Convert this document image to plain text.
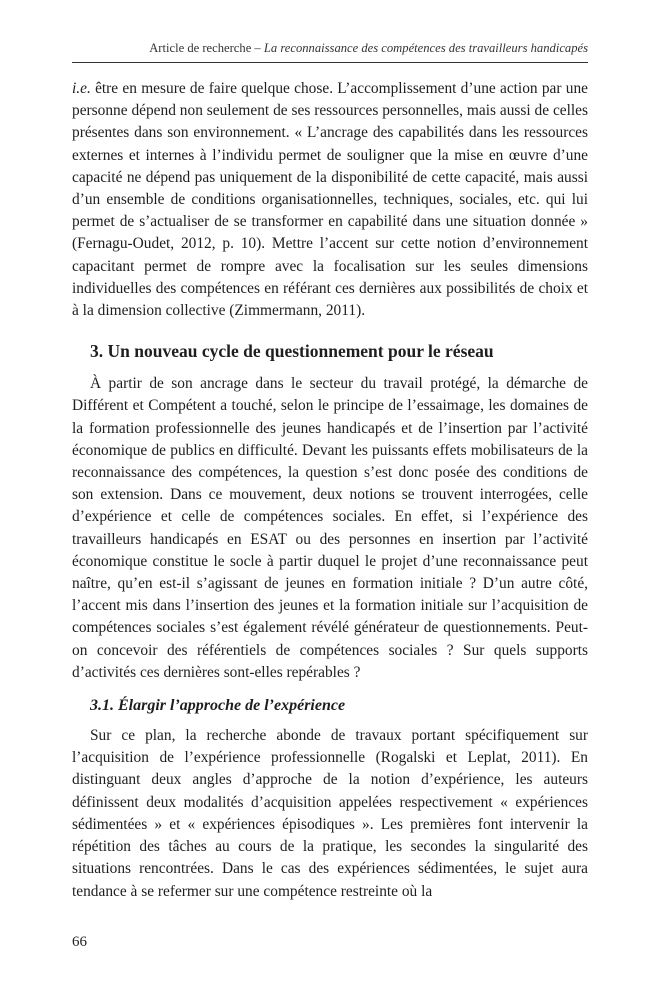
Article de recherche – La reconnaissance des compétences des travailleurs handicapés

i.e. être en mesure de faire quelque chose. L’accomplissement d’une action par une personne dépend non seulement de ses ressources personnelles, mais aussi de celles présentes dans son environnement. « L’ancrage des capabilités dans les ressources externes et internes à l’individu permet de souligner que la mise en œuvre d’une capacité ne dépend pas uniquement de la disponibilité de cette capacité, mais aussi d’un ensemble de conditions organisationnelles, techniques, sociales, etc. qui lui permet de s’actualiser de se transformer en capabilité dans une situation donnée » (Fernagu-Oudet, 2012, p. 10). Mettre l’accent sur cette notion d’environnement capacitant permet de rompre avec la focalisation sur les seules dimensions individuelles des compétences en référant ces dernières aux possibilités de choix et à la dimension collective (Zimmermann, 2011).

3. Un nouveau cycle de questionnement pour le réseau

À partir de son ancrage dans le secteur du travail protégé, la démarche de Différent et Compétent a touché, selon le principe de l’essaimage, les domaines de la formation professionnelle des jeunes handicapés et de l’insertion par l’activité économique de publics en difficulté. Devant les puissants effets mobilisateurs de la reconnaissance des compétences, la question s’est donc posée des conditions de son extension. Dans ce mouvement, deux notions se trouvent interrogées, celle d’expérience et celle de compétences sociales. En effet, si l’expérience des travailleurs handicapés en ESAT ou des personnes en insertion par l’activité économique constitue le socle à partir duquel le projet d’une reconnaissance peut naître, qu’en est-il s’agissant de jeunes en formation initiale ? D’un autre côté, l’accent mis dans l’insertion des jeunes et la formation initiale sur l’acquisition de compétences sociales s’est également révélé générateur de questionnements. Peut-on concevoir des référentiels de compétences sociales ? Sur quels supports d’activités ces dernières sont-elles repérables ?

3.1. Élargir l’approche de l’expérience

Sur ce plan, la recherche abonde de travaux portant spécifiquement sur l’acquisition de l’expérience professionnelle (Rogalski et Leplat, 2011). En distinguant deux angles d’approche de la notion d’expérience, les auteurs définissent deux modalités d’acquisition appelées respectivement « expériences sédimentées » et « expériences épisodiques ». Les premières font intervenir la répétition des tâches au cours de la pratique, les secondes la singularité des situations rencontrées. Dans le cas des expériences sédimentées, le sujet aura tendance à se refermer sur une compétence restreinte où la

66
